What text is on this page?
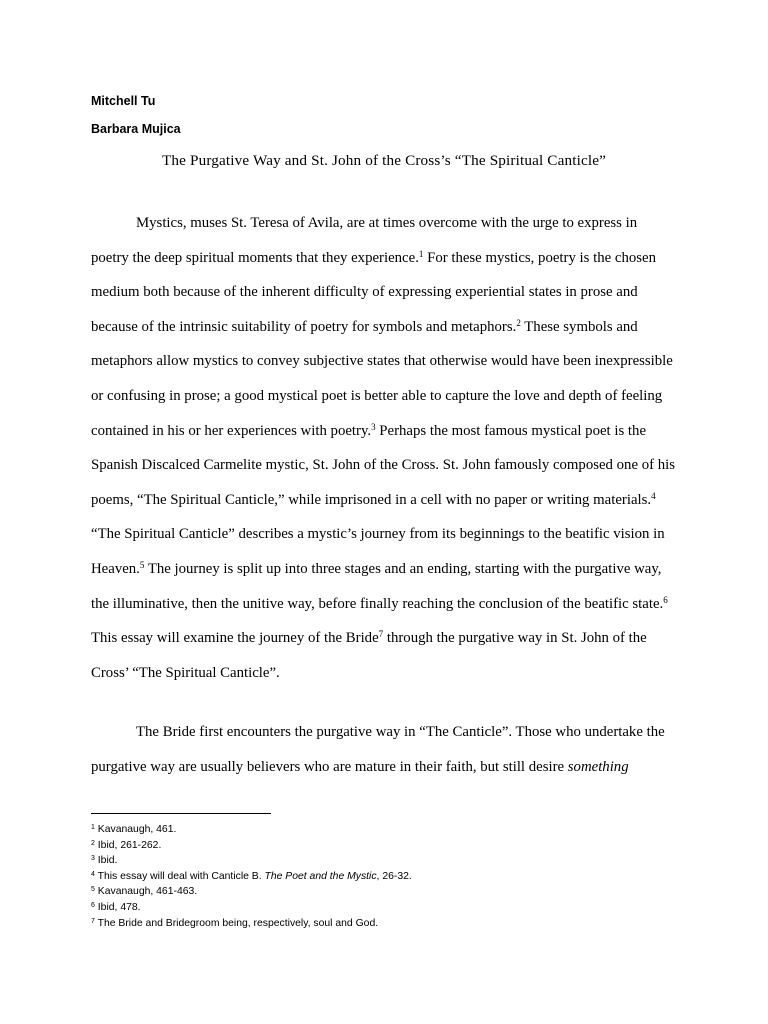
Mitchell Tu
Barbara Mujica
The Purgative Way and St. John of the Cross’s “The Spiritual Canticle”

Mystics, muses St. Teresa of Avila, are at times overcome with the urge to express in poetry the deep spiritual moments that they experience.$^1$ For these mystics, poetry is the chosen medium both because of the inherent difficulty of expressing experiential states in prose and because of the intrinsic suitability of poetry for symbols and metaphors.$^2$ These symbols and metaphors allow mystics to convey subjective states that otherwise would have been inexpressible or confusing in prose; a good mystical poet is better able to capture the love and depth of feeling contained in his or her experiences with poetry.$^3$ Perhaps the most famous mystical poet is the Spanish Discalced Carmelite mystic, St. John of the Cross. St. John famously composed one of his poems, “The Spiritual Canticle,” while imprisoned in a cell with no paper or writing materials.$^4$ “The Spiritual Canticle” describes a mystic’s journey from its beginnings to the beatific vision in Heaven.$^5$ The journey is split up into three stages and an ending, starting with the purgative way, the illuminative, then the unitive way, before finally reaching the conclusion of the beatific state.$^6$ This essay will examine the journey of the Bride$^7$ through the purgative way in St. John of the Cross’ “The Spiritual Canticle”.

The Bride first encounters the purgative way in “The Canticle”. Those who undertake the purgative way are usually believers who are mature in their faith, but still desire something

$^1$ Kavanaugh, 461.
$^2$ Ibid, 261-262.
$^3$ Ibid.
$^4$ This essay will deal with Canticle B. The Poet and the Mystic, 26-32.
$^5$ Kavanaugh, 461-463.
$^6$ Ibid, 478.
$^7$ The Bride and Bridegroom being, respectively, soul and God.
